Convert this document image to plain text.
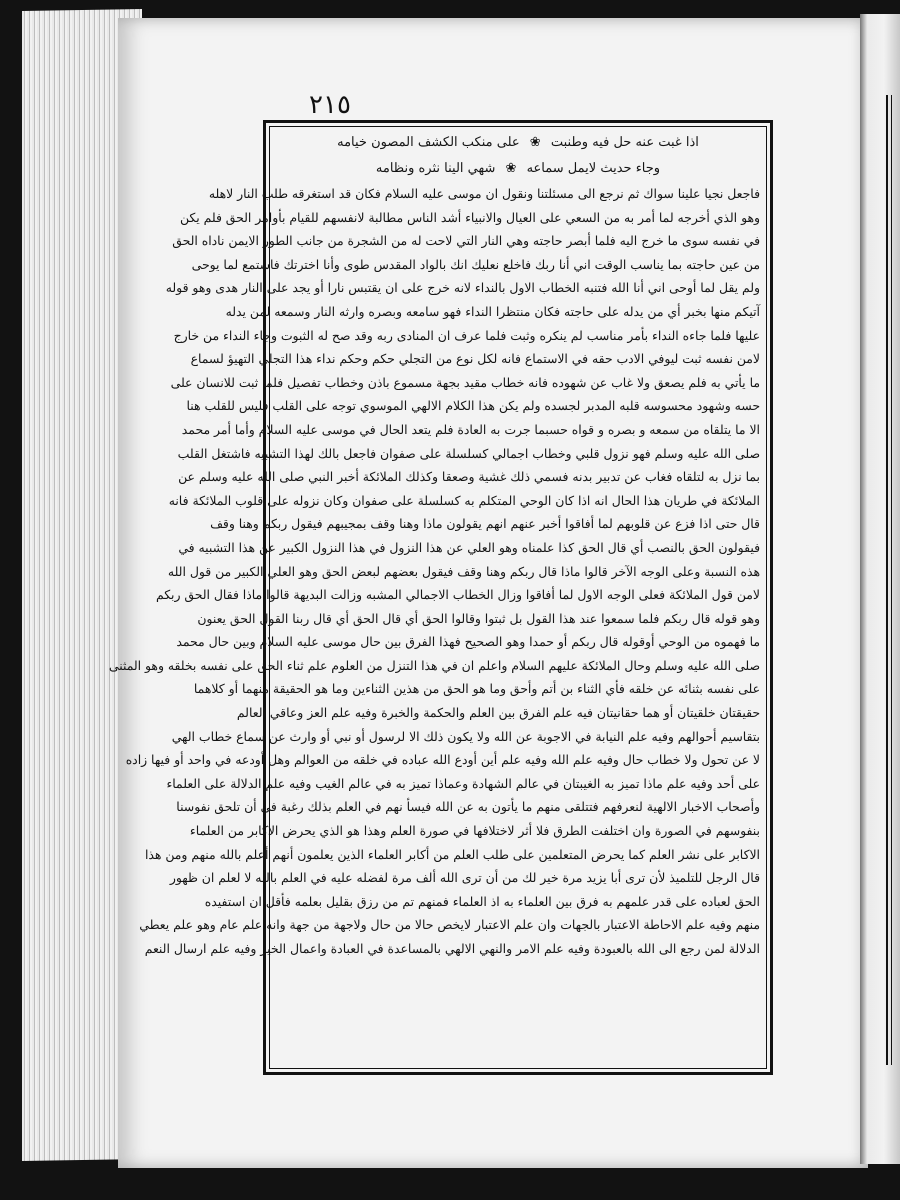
٢١٥
اذا غبت عنه حل فيه وطنبت ❀ على منكب الكشف المصون خيامه
وجاء حديث لايمل سماعه ❀ شهي الينا نثره ونظامه
فاجعل نجيا علينا سواك ثم نرجع الى مسئلتنا ونقول ان موسى عليه السلام فكان قد استغرقه طلب النار لاهله
وهو الذي أخرجه لما أمر به من السعي على العيال والانبياء أشد الناس مطالبة لانفسهم للقيام بأوامر الحق فلم يكن
في نفسه سوى ما خرج اليه فلما أبصر حاجته وهي النار التي لاحت له من الشجرة من جانب الطور الايمن ناداه الحق
من عين حاجته بما يناسب الوقت اني أنا ربك فاخلع نعليك انك بالواد المقدس طوى وأنا اخترتك فاستمع لما يوحى
ولم يقل لما أوحى اني أنا الله فتنبه الخطاب الاول بالنداء لانه خرج على ان يقتبس نارا أو يجد على النار هدى وهو قوله
آتيكم منها بخبر أي من يدله على حاجته فكان منتظرا النداء فهو سامعه وبصره وارثه النار وسمعه لمن يدله
عليها فلما جاءه النداء بأمر مناسب لم ينكره وثبت فلما عرف ان المنادى ربه وقد صح له الثبوت وجاء النداء من خارج
لامن نفسه ثبت ليوفي الادب حقه في الاستماع فانه لكل نوع من التجلي حكم وحكم نداء هذا التجلي التهيؤ لسماع
ما يأتي به فلم يصعق ولا غاب عن شهوده فانه خطاب مقيد بجهة مسموع باذن وخطاب تفصيل فلما ثبت للانسان على
حسه وشهود محسوسه قلبه المدبر لجسده ولم يكن هذا الكلام الالهي الموسوي توجه على القلب فليس للقلب هنا
الا ما يتلقاه من سمعه و بصره و قواه حسبما جرت به العادة فلم يتعد الحال في موسى عليه السلام وأما أمر محمد
صلى الله عليه وسلم فهو نزول قلبي وخطاب اجمالي كسلسلة على صفوان فاجعل بالك لهذا التشبيه فاشتغل القلب
بما نزل به لتلقاه فغاب عن تدبير بدنه فسمي ذلك غشية وصعقا وكذلك الملائكة أخبر النبي صلى الله عليه وسلم عن
الملائكة في طريان هذا الحال انه اذا كان الوحي المتكلم به كسلسلة على صفوان وكان نزوله على قلوب الملائكة فانه
قال حتى اذا فزع عن قلوبهم لما أفاقوا أخبر عنهم انهم يقولون ماذا وهنا وقف بمجيبهم فيقول ربكم وهنا وقف
فيقولون الحق بالنصب أي قال الحق كذا علمناه وهو العلي عن هذا النزول في هذا النزول الكبير عن هذا التشبيه في
هذه النسبة وعلى الوجه الآخر قالوا ماذا قال ربكم وهنا وقف فيقول بعضهم لبعض الحق وهو العلي الكبير من قول الله
لامن قول الملائكة فعلى الوجه الاول لما أفاقوا وزال الخطاب الاجمالي المشبه وزالت البديهة قالوا ماذا فقال الحق ربكم
وهو قوله قال ربكم فلما سمعوا عند هذا القول بل ثبتوا وقالوا الحق أي قال الحق أي قال ربنا القول الحق يعنون
ما فهموه من الوحي أوقوله قال ربكم أو حمدا وهو الصحيح فهذا الفرق بين حال موسى عليه السلام وبين حال محمد
صلى الله عليه وسلم وحال الملائكة عليهم السلام واعلم ان في هذا التنزل من العلوم علم ثناء الحق على نفسه بخلقه وهو المثنى
على نفسه بثنائه عن خلقه فأي الثناء بن أتم وأحق وما هو الحق من هذين الثناءين وما هو الحقيقة منهما أو كلاهما
حقيقتان خلقيتان أو هما حقانيتان فيه علم الفرق بين العلم والحكمة والخبرة وفيه علم العز وعاقي العالم
بتقاسيم أحوالهم وفيه علم النيابة في الاجوبة عن الله ولا يكون ذلك الا لرسول أو نبي أو وارث عن سماع خطاب الهي
لا عن تحول ولا خطاب حال وفيه علم الله وفيه علم أين أودع الله عباده في خلقه من العوالم وهل أودعه في واحد أو فيها زاده
على أحد وفيه علم ماذا تميز به الغيبتان في عالم الشهادة وعماذا تميز به في عالم الغيب وفيه علم الدلالة على العلماء
وأصحاب الاخبار الالهية لنعرفهم فتتلقى منهم ما يأتون به عن الله فيسأ نهم في العلم بذلك رغبة في أن تلحق نفوسنا
بنفوسهم في الصورة وان اختلفت الطرق فلا أثر لاختلافها في صورة العلم وهذا هو الذي يحرض الاكابر من العلماء
الاكابر على نشر العلم كما يحرض المتعلمين على طلب العلم من أكابر العلماء الذين يعلمون أنهم أعلم بالله منهم ومن هذا
قال الرجل للتلميذ لأن ترى أبا يزيد مرة خير لك من أن ترى الله ألف مرة لفضله عليه في العلم بالله لا لعلم ان ظهور
الحق لعباده على قدر علمهم به فرق بين العلماء به اذ العلماء فمنهم تم من رزق بقليل بعلمه فأقل ان استفيده
منهم وفيه علم الاحاطة الاعتبار بالجهات وان علم الاعتبار لايخص حالا من حال ولاجهة من جهة وانه علم عام وهو علم يعطي
الدلالة لمن رجع الى الله بالعبودة وفيه علم الامر والنهي الالهي بالمساعدة في العبادة واعمال الخير وفيه علم ارسال النعم
